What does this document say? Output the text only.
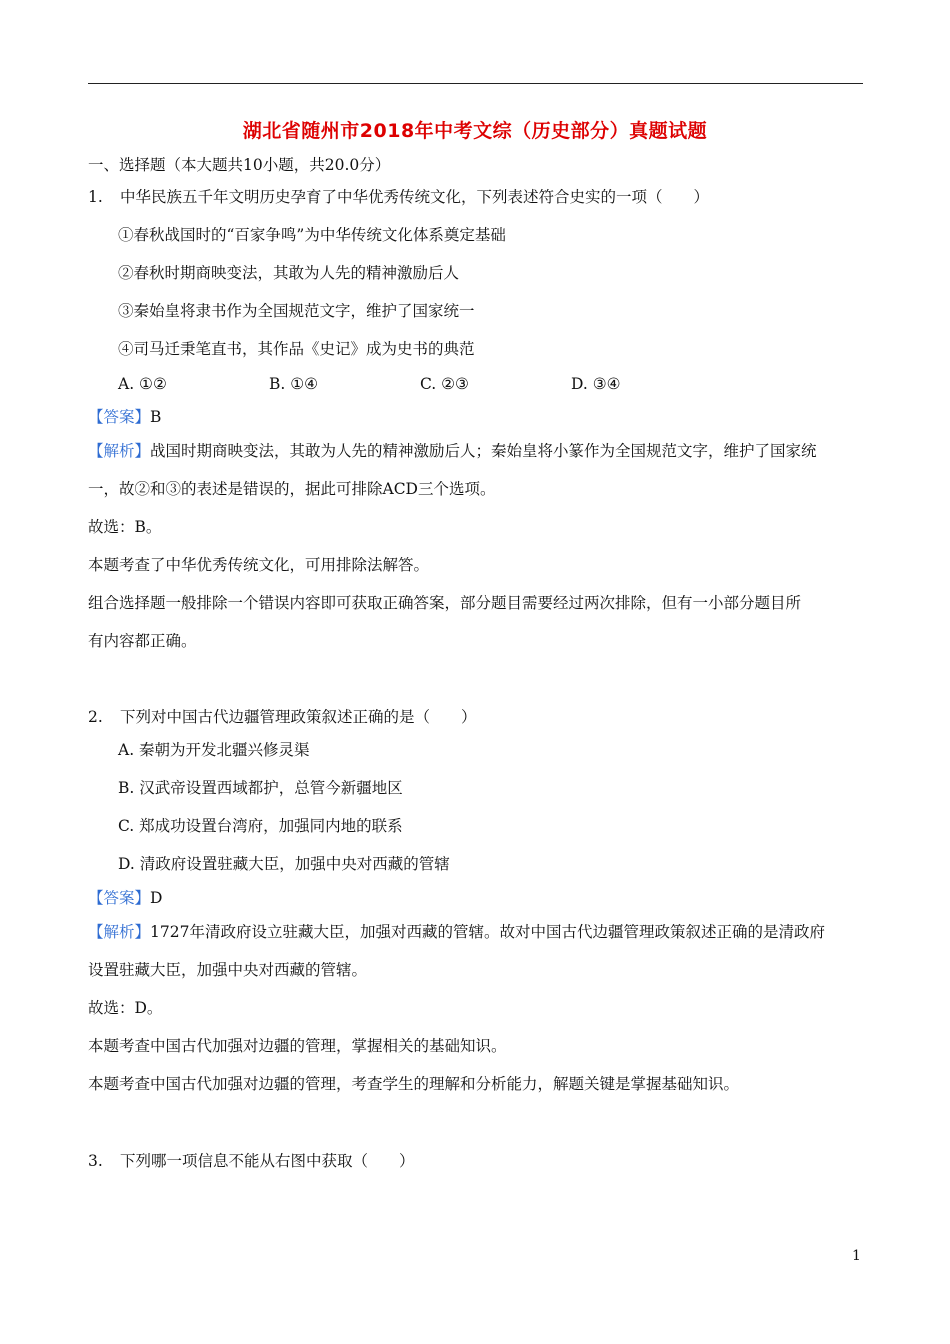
湖北省随州市2018年中考文综（历史部分）真题试题
一、选择题（本大题共10小题，共20.0分）
1. 中华民族五千年文明历史孕育了中华优秀传统文化，下列表述符合史实的一项（　　）
①春秋战国时的“百家争鸣”为中华传统文化体系奠定基础
②春秋时期商映变法，其敢为人先的精神激励后人
③秦始皇将隶书作为全国规范文字，维护了国家统一
④司马迁秉笔直书，其作品《史记》成为史书的典范
A. ①②	B. ①④	C. ②③	D. ③④
【答案】B
【解析】战国时期商映变法，其敢为人先的精神激励后人；秦始皇将小篆作为全国规范文字，维护了国家统
一，故②和③的表述是错误的，据此可排除ACD三个选项。
故选：B。
本题考查了中华优秀传统文化，可用排除法解答。
组合选择题一般排除一个错误内容即可获取正确答案，部分题目需要经过两次排除，但有一小部分题目所
有内容都正确。
2. 下列对中国古代边疆管理政策叙述正确的是（　　）
A. 秦朝为开发北疆兴修灵渠
B. 汉武帝设置西域都护，总管今新疆地区
C. 郑成功设置台湾府，加强同内地的联系
D. 清政府设置驻藏大臣，加强中央对西藏的管辖
【答案】D
【解析】1727年清政府设立驻藏大臣，加强对西藏的管辖。故对中国古代边疆管理政策叙述正确的是清政府
设置驻藏大臣，加强中央对西藏的管辖。
故选：D。
本题考查中国古代加强对边疆的管理，掌握相关的基础知识。
本题考查中国古代加强对边疆的管理，考查学生的理解和分析能力，解题关键是掌握基础知识。
3. 下列哪一项信息不能从右图中获取（　　）
1
